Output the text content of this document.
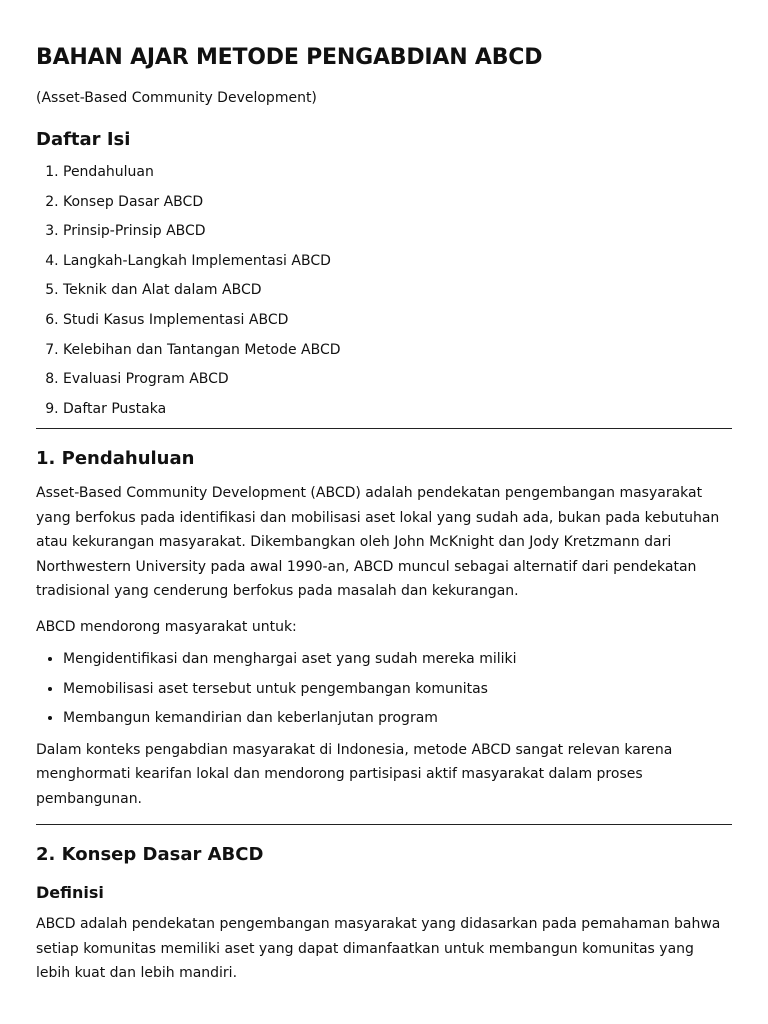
BAHAN AJAR METODE PENGABDIAN ABCD

(Asset-Based Community Development)

Daftar Isi
1. Pendahuluan
2. Konsep Dasar ABCD
3. Prinsip-Prinsip ABCD
4. Langkah-Langkah Implementasi ABCD
5. Teknik dan Alat dalam ABCD
6. Studi Kasus Implementasi ABCD
7. Kelebihan dan Tantangan Metode ABCD
8. Evaluasi Program ABCD
9. Daftar Pustaka
1. Pendahuluan

Asset-Based Community Development (ABCD) adalah pendekatan pengembangan masyarakat yang berfokus pada identifikasi dan mobilisasi aset lokal yang sudah ada, bukan pada kebutuhan atau kekurangan masyarakat. Dikembangkan oleh John McKnight dan Jody Kretzmann dari Northwestern University pada awal 1990-an, ABCD muncul sebagai alternatif dari pendekatan tradisional yang cenderung berfokus pada masalah dan kekurangan.

ABCD mendorong masyarakat untuk:

• Mengidentifikasi dan menghargai aset yang sudah mereka miliki
• Memobilisasi aset tersebut untuk pengembangan komunitas
• Membangun kemandirian dan keberlanjutan program

Dalam konteks pengabdian masyarakat di Indonesia, metode ABCD sangat relevan karena menghormati kearifan lokal dan mendorong partisipasi aktif masyarakat dalam proses pembangunan.

2. Konsep Dasar ABCD
Definisi

ABCD adalah pendekatan pengembangan masyarakat yang didasarkan pada pemahaman bahwa setiap komunitas memiliki aset yang dapat dimanfaatkan untuk membangun komunitas yang lebih kuat dan lebih mandiri.
